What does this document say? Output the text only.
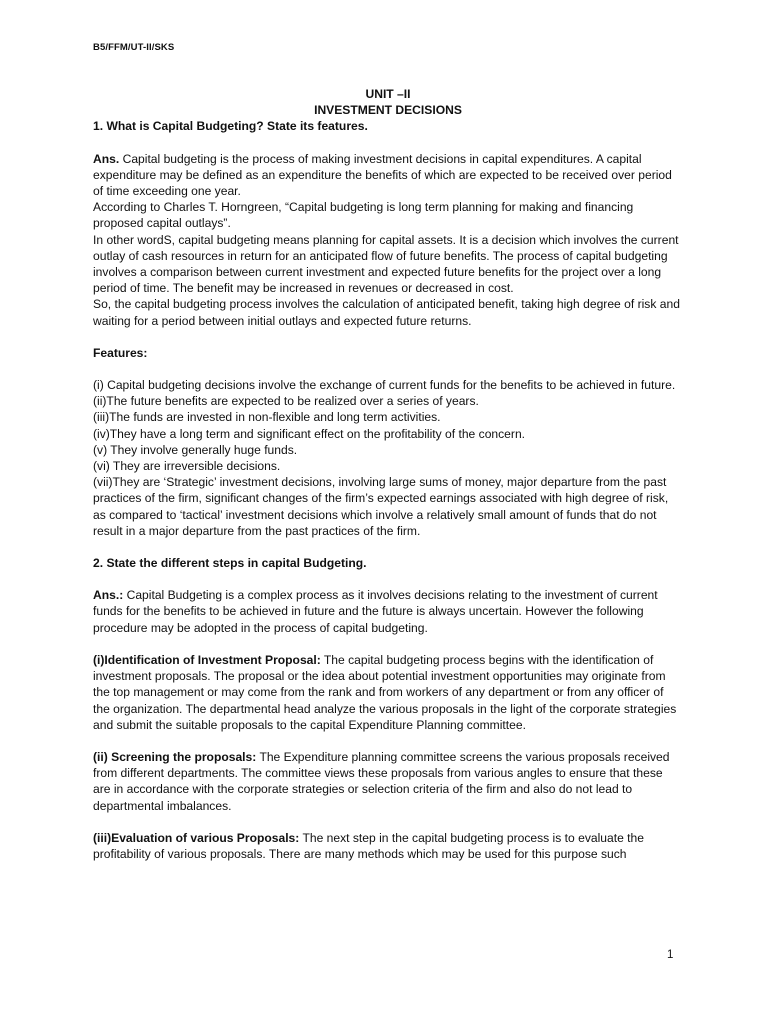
B5/FFM/UT-II/SKS

UNIT –II

INVESTMENT DECISIONS

1. What is Capital Budgeting? State its features.

Ans. Capital budgeting is the process of making investment decisions in capital expenditures. A capital expenditure may be defined as an expenditure the benefits of which are expected to be received over period of time exceeding one year.

According to Charles T. Horngreen, “Capital budgeting is long term planning for making and financing proposed capital outlays”.

In other wordS, capital budgeting means planning for capital assets. It is a decision which involves the current outlay of cash resources in return for an anticipated flow of future benefits. The process of capital budgeting involves a comparison between current investment and expected future benefits for the project over a long period of time. The benefit may be increased in revenues or decreased in cost.

So, the capital budgeting process involves the calculation of anticipated benefit, taking high degree of risk and waiting for a period between initial outlays and expected future returns.

Features:

(i) Capital budgeting decisions involve the exchange of current funds for the benefits to be achieved in future.

(ii)The future benefits are expected to be realized over a series of years.

(iii)The funds are invested in non-flexible and long term activities.

(iv)They have a long term and significant effect on the profitability of the concern.

(v) They involve generally huge funds.

(vi) They are irreversible decisions.

(vii)They are ‘Strategic’ investment decisions, involving large sums of money, major departure from the past practices of the firm, significant changes of the firm’s expected earnings associated with high degree of risk, as compared to ‘tactical’ investment decisions which involve a relatively small amount of funds that do not result in a major departure from the past practices of the firm.

2. State the different steps in capital Budgeting.

Ans.: Capital Budgeting is a complex process as it involves decisions relating to the investment of current funds for the benefits to be achieved in future and the future is always uncertain. However the following procedure may be adopted in the process of capital budgeting.

(i)Identification of Investment Proposal: The capital budgeting process begins with the identification of investment proposals. The proposal or the idea about potential investment opportunities may originate from the top management or may come from the rank and from workers of any department or from any officer of the organization. The departmental head analyze the various proposals in the light of the corporate strategies and submit the suitable proposals to the capital Expenditure Planning committee.

(ii) Screening the proposals: The Expenditure planning committee screens the various proposals received from different departments. The committee views these proposals from various angles to ensure that these are in accordance with the corporate strategies or selection criteria of the firm and also do not lead to departmental imbalances.

(iii)Evaluation of various Proposals: The next step in the capital budgeting process is to evaluate the profitability of various proposals. There are many methods which may be used for this purpose such

1
